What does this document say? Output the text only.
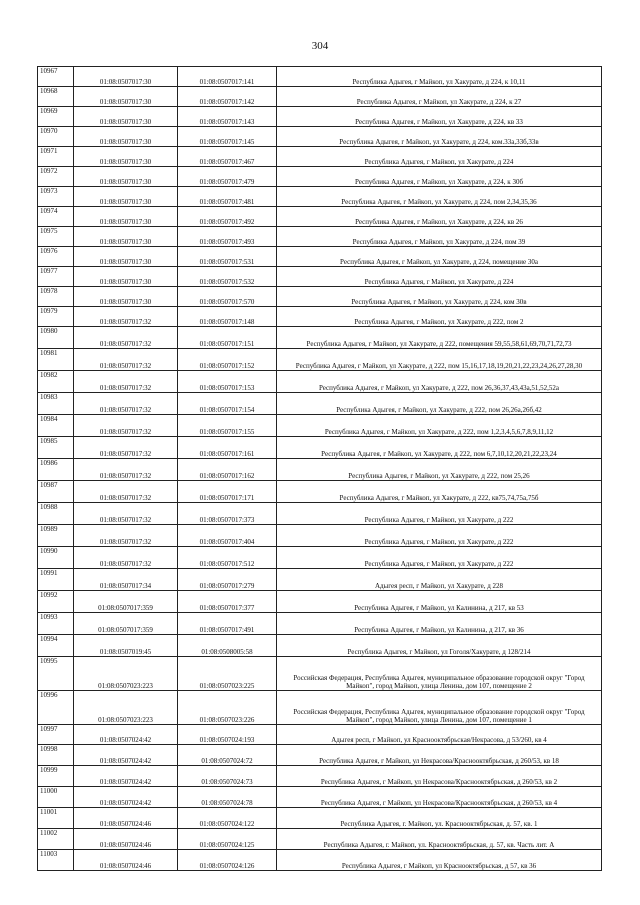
304
10967	01:08:0507017:30	01:08:0507017:141	Республика Адыгея, г Майкоп, ул Хакурате, д 224, к 10,11
10968	01:08:0507017:30	01:08:0507017:142	Республика Адыгея, г Майкоп, ул Хакурате, д 224, к 27
10969	01:08:0507017:30	01:08:0507017:143	Республика Адыгея, г Майкоп, ул Хакурате, д 224, кв 33
10970	01:08:0507017:30	01:08:0507017:145	Республика Адыгея, г Майкоп, ул Хакурате, д 224, ком.33а,33б,33в
10971	01:08:0507017:30	01:08:0507017:467	Республика Адыгея, г Майкоп, ул Хакурате, д 224
10972	01:08:0507017:30	01:08:0507017:479	Республика Адыгея, г Майкоп, ул Хакурате, д 224, к 30б
10973	01:08:0507017:30	01:08:0507017:481	Республика Адыгея, г Майкоп, ул Хакурате, д 224, пом 2,34,35,36
10974	01:08:0507017:30	01:08:0507017:492	Республика Адыгея, г Майкоп, ул Хакурате, д 224, кв 26
10975	01:08:0507017:30	01:08:0507017:493	Республика Адыгея, г Майкоп, ул Хакурате, д 224, пом 39
10976	01:08:0507017:30	01:08:0507017:531	Республика Адыгея, г Майкоп, ул Хакурате, д 224, помещение 30а
10977	01:08:0507017:30	01:08:0507017:532	Республика Адыгея, г Майкоп, ул Хакурате, д 224
10978	01:08:0507017:30	01:08:0507017:570	Республика Адыгея, г Майкоп, ул Хакурате, д 224, ком 30в
10979	01:08:0507017:32	01:08:0507017:148	Республика Адыгея, г Майкоп, ул Хакурате, д 222, пом 2
10980	01:08:0507017:32	01:08:0507017:151	Республика Адыгея, г Майкоп, ул Хакурате, д 222, помещения 59,55,58,61,69,70,71,72,73
10981	01:08:0507017:32	01:08:0507017:152	Республика Адыгея, г Майкоп, ул Хакурате, д 222, пом 15,16,17,18,19,20,21,22,23,24,26,27,28,30
10982	01:08:0507017:32	01:08:0507017:153	Республика Адыгея, г Майкоп, ул Хакурате, д 222, пом 26,36,37,43,43а,51,52,52а
10983	01:08:0507017:32	01:08:0507017:154	Республика Адыгея, г Майкоп, ул Хакурате, д 222, пом 26,26а,26б,42
10984	01:08:0507017:32	01:08:0507017:155	Республика Адыгея, г Майкоп, ул Хакурате, д 222, пом 1,2,3,4,5,6,7,8,9,11,12
10985	01:08:0507017:32	01:08:0507017:161	Республика Адыгея, г Майкоп, ул Хакурате, д 222, пом 6,7,10,12,20,21,22,23,24
10986	01:08:0507017:32	01:08:0507017:162	Республика Адыгея, г Майкоп, ул Хакурате, д 222, пом 25,26
10987	01:08:0507017:32	01:08:0507017:171	Республика Адыгея, г Майкоп, ул Хакурате, д 222, кв75,74,75а,75б
10988	01:08:0507017:32	01:08:0507017:373	Республика Адыгея, г Майкоп, ул Хакурате, д 222
10989	01:08:0507017:32	01:08:0507017:404	Республика Адыгея, г Майкоп, ул Хакурате, д 222
10990	01:08:0507017:32	01:08:0507017:512	Республика Адыгея, г Майкоп, ул Хакурате, д 222
10991	01:08:0507017:34	01:08:0507017:279	Адыгея респ, г Майкоп, ул Хакурате, д 228
10992	01:08:0507017:359	01:08:0507017:377	Республика Адыгея, г Майкоп, ул Калинина, д 217, кв 53
10993	01:08:0507017:359	01:08:0507017:491	Республика Адыгея, г Майкоп, ул Калинина, д 217, кв 36
10994	01:08:0507019:45	01:08:0508005:58	Республика Адыгея, г Майкоп, ул Гоголя/Хакурате, д 128/214
10995	01:08:0507023:223	01:08:0507023:225	Российская Федерация, Республика Адыгея, муниципальное образование городской округ "Город Майкоп", город Майкоп, улица Ленина, дом 107, помещение 2
10996	01:08:0507023:223	01:08:0507023:226	Российская Федерация, Республика Адыгея, муниципальное образование городской округ "Город Майкоп", город Майкоп, улица Ленина, дом 107, помещение 1
10997	01:08:0507024:42	01:08:0507024:193	Адыгея респ, г Майкоп, ул Краснооктябрьская/Некрасова, д 53/260, кв 4
10998	01:08:0507024:42	01:08:0507024:72	Республика Адыгея, г Майкоп, ул Некрасова/Краснооктябрьская, д 260/53, кв 18
10999	01:08:0507024:42	01:08:0507024:73	Республика Адыгея, г Майкоп, ул Некрасова/Краснооктябрьская, д 260/53, кв 2
11000	01:08:0507024:42	01:08:0507024:78	Республика Адыгея, г Майкоп, ул Некрасова/Краснооктябрьская, д 260/53, кв 4
11001	01:08:0507024:46	01:08:0507024:122	Республика Адыгея, г. Майкоп, ул. Краснооктябрьская, д. 57, кв. 1
11002	01:08:0507024:46	01:08:0507024:125	Республика Адыгея, г. Майкоп, ул. Краснооктябрьская, д. 57, кв. Часть лит. А
11003	01:08:0507024:46	01:08:0507024:126	Республика Адыгея, г Майкоп, ул Краснооктябрьская, д 57, кв 36
